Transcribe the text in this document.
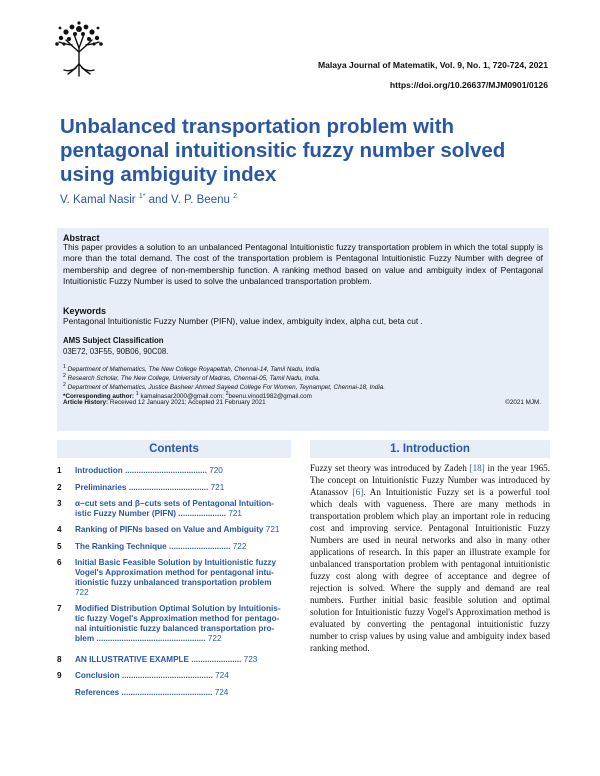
Malaya Journal of Matematik, Vol. 9, No. 1, 720-724, 2021
https://doi.org/10.26637/MJM0901/0126
Unbalanced transportation problem with pentagonal intuitionsitic fuzzy number solved using ambiguity index
V. Kamal Nasir $^{1*}$ and V. P. Beenu $^2$
Abstract
This paper provides a solution to an unbalanced Pentagonal Intuitionistic fuzzy transportation problem in which the total supply is more than the total demand. The cost of the transportation problem is Pentagonal Intuitionistic Fuzzy Number with degree of membership and degree of non-membership function. A ranking method based on value and ambiguity index of Pentagonal Intuitionistic Fuzzy Number is used to solve the unbalanced transportation problem.
Keywords
Pentagonal Intuitionistic Fuzzy Number (PIFN), value index, ambiguity index, alpha cut, beta cut .
AMS Subject Classification
03E72, 03F55, 90B06, 90C08.
$^1$ Department of Mathematics, The New College Royapettah, Chennai-14, Tamil Nadu, India.
$^2$ Research Scholar, The New College, University of Madras, Chennai-05, Tamil Nadu, India.
$^2$ Department of Mathematics, Justice Basheer Ahmed Sayeed College For Women, Teynampet, Chennai-18, India.
*Corresponding author: $^1$ kamalnasar2000@gmail.com; $^2$beenu.vinod1982@gmail.com
Article History: Received 12 January 2021; Accepted 21 February 2021	©2021 MJM.
Contents	1. Introduction
1 Introduction .................................... 720
2 Preliminaries ................................... 721
3 α−cut sets and β−cuts sets of Pentagonal Intuition-
istic Fuzzy Number (PIFN) ..................... 721
4 Ranking of PIFNs based on Value and Ambiguity 721
5 The Ranking Technique ........................... 722
6 Initial Basic Feasible Solution by Intuitionistic fuzzy
Vogel's Approximation method for pentagonal intu-
itionistic fuzzy unbalanced transportation problem
722
7 Modified Distribution Optimal Solution by Intuitionis-
tic fuzzy Vogel's Approximation method for pentago-
nal intuitionistic fuzzy balanced transportation pro-
blem ................................................ 722
8 AN ILLUSTRATIVE EXAMPLE ...................... 723
9 Conclusion ........................................ 724
References ........................................ 724
Fuzzy set theory was introduced by Zadeh [18] in the year 1965. The concept on Intuitionistic Fuzzy Number was introduced by Atanassov [6]. An Intuitionistic Fuzzy set is a powerful tool which deals with vagueness. There are many methods in transportation problem which play an important role in reducing cost and improving service. Pentagonal Intuitionistic Fuzzy Numbers are used in neural networks and also in many other applications of research. In this paper an illustrate example for unbalanced transportation problem with pentagonal intuitionistic fuzzy cost along with degree of acceptance and degree of rejection is solved. Where the supply and demand are real numbers. Further initial basic feasible solution and optimal solution for Intuitionistic fuzzy Vogel's Approximation method is evaluated by converting the pentagonal intuitionistic fuzzy number to crisp values by using value and ambiguity index based ranking method.
